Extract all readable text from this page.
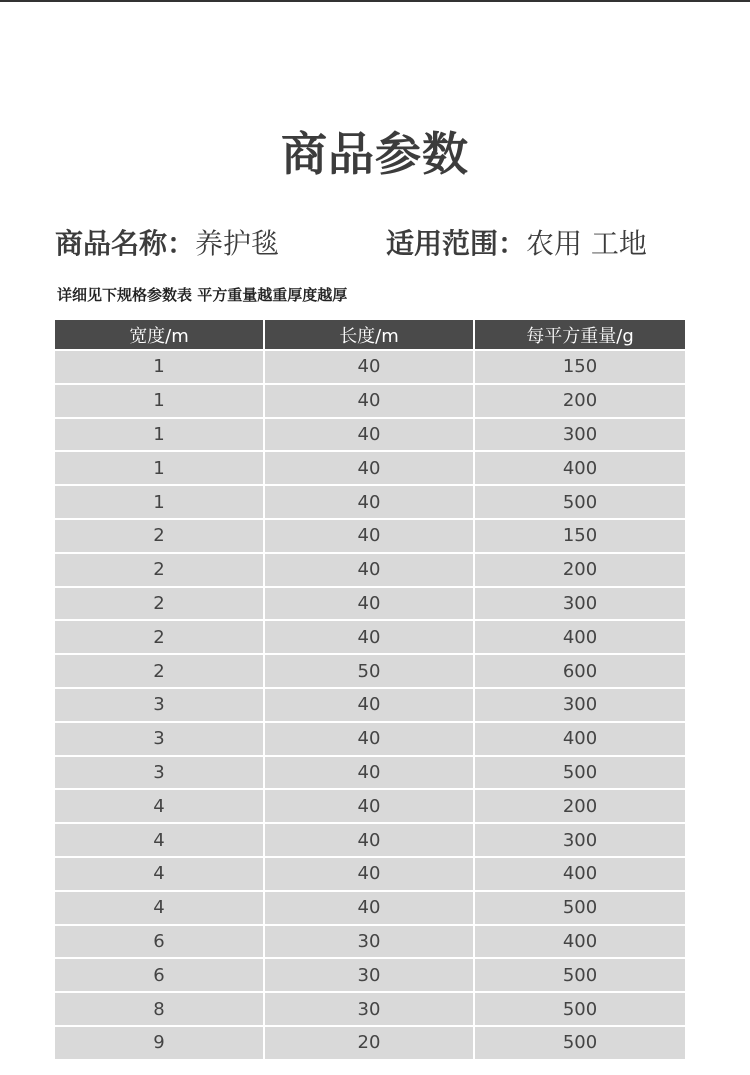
商品参数
商品名称：养护毯	适用范围：农用 工地
详细见下规格参数表 平方重量越重厚度越厚
宽度/m	长度/m	每平方重量/g
1	40	150
1	40	200
1	40	300
1	40	400
1	40	500
2	40	150
2	40	200
2	40	300
2	40	400
2	50	600
3	40	300
3	40	400
3	40	500
4	40	200
4	40	300
4	40	400
4	40	500
6	30	400
6	30	500
8	30	500
9	20	500
